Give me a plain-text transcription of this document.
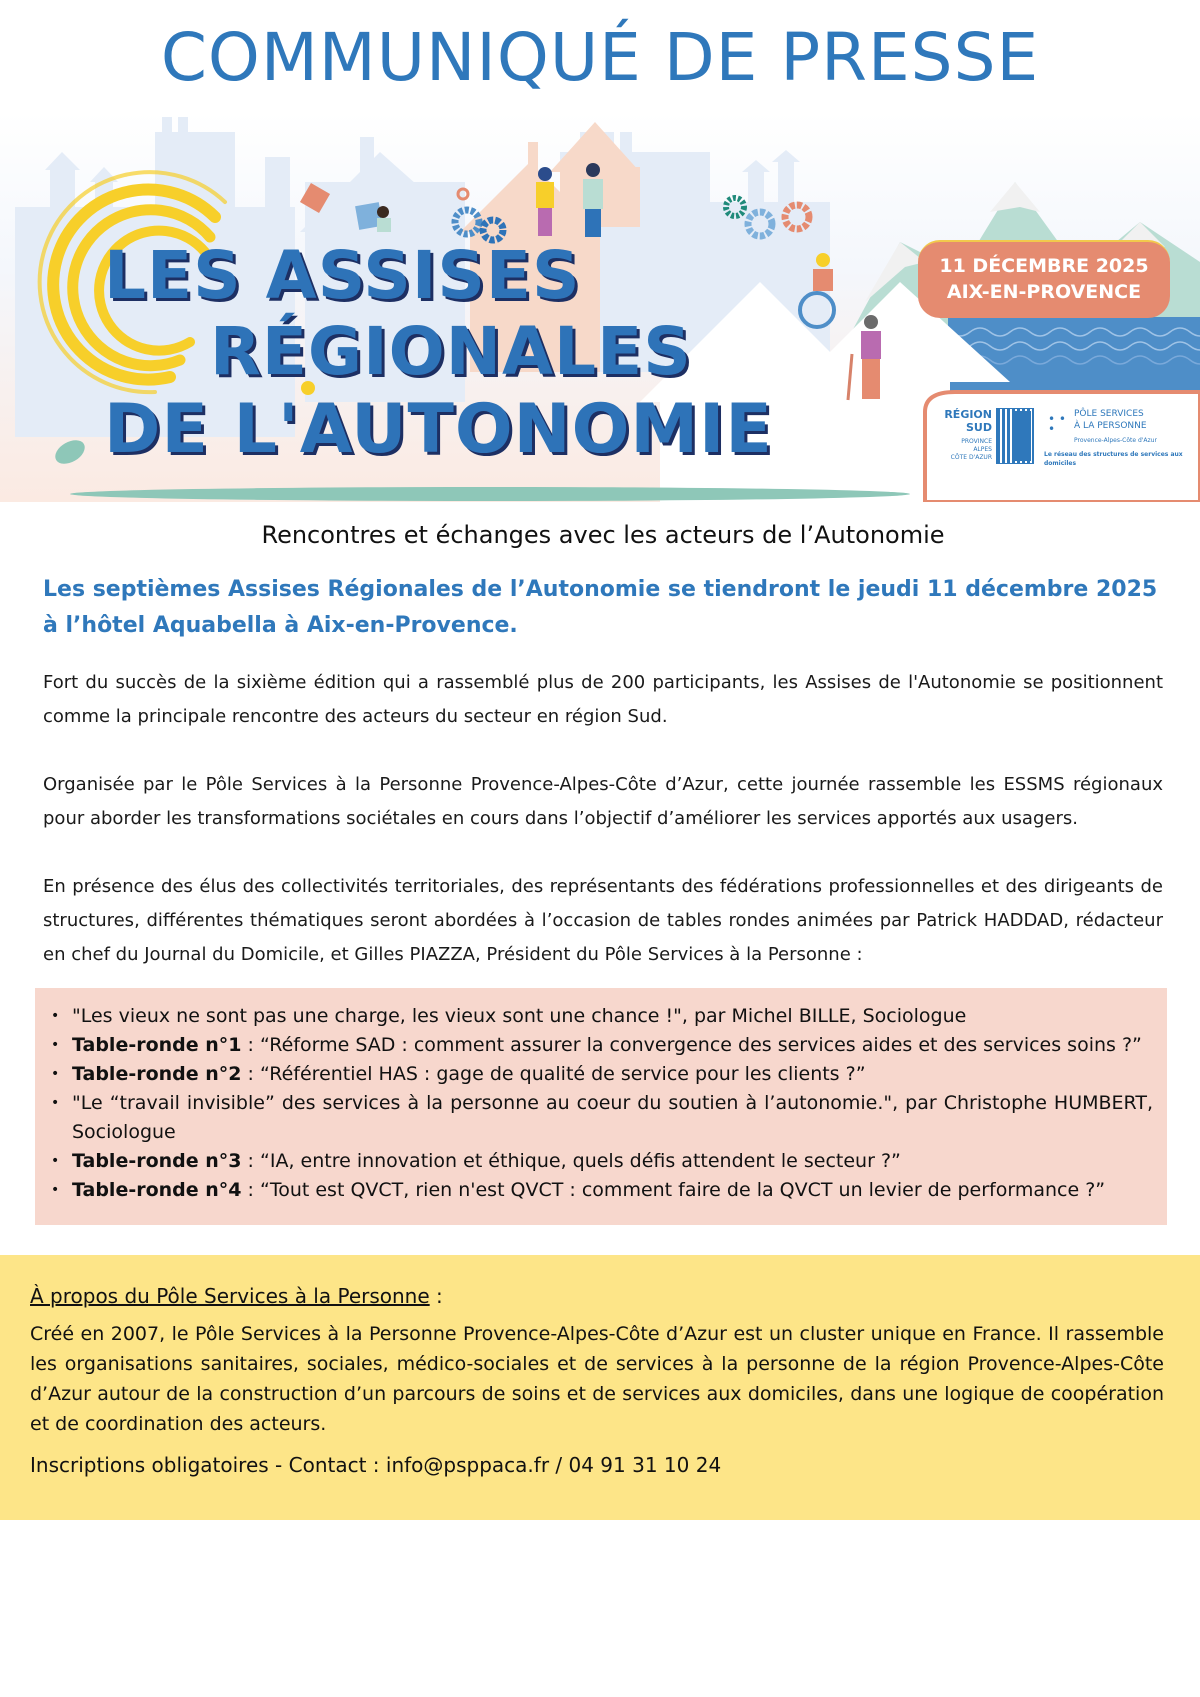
COMMUNIQUÉ DE PRESSE
LES ASSISES
RÉGIONALES
DE L'AUTONOMIE
11 DÉCEMBRE 2025
AIX-EN-PROVENCE
RÉGION
SUD
PROVINCE
ALPES
CÔTE D'AZUR
• •
•
PÔLE SERVICES
À LA PERSONNE
Provence-Alpes-Côte d'Azur
Le réseau des structures de services aux domiciles
Rencontres et échanges avec les acteurs de l’Autonomie
Les septièmes Assises Régionales de l’Autonomie se tiendront le jeudi 11 décembre 2025 à l’hôtel Aquabella à Aix-en-Provence.

Fort du succès de la sixième édition qui a rassemblé plus de 200 participants, les Assises de l'Autonomie se positionnent comme la principale rencontre des acteurs du secteur en région Sud.

Organisée par le Pôle Services à la Personne Provence-Alpes-Côte d’Azur, cette journée rassemble les ESSMS régionaux pour aborder les transformations sociétales en cours dans l’objectif d’améliorer les services apportés aux usagers.

En présence des élus des collectivités territoriales, des représentants des fédérations professionnelles et des dirigeants de structures, différentes thématiques seront abordées à l’occasion de tables rondes animées par Patrick HADDAD, rédacteur en chef du Journal du Domicile, et Gilles PIAZZA, Président du Pôle Services à la Personne :

• "Les vieux ne sont pas une charge, les vieux sont une chance !", par Michel BILLE, Sociologue
• Table-ronde n°1 : “Réforme SAD : comment assurer la convergence des services aides et des services soins ?”
• Table-ronde n°2 : “Référentiel HAS : gage de qualité de service pour les clients ?”
• "Le “travail invisible” des services à la personne au coeur du soutien à l’autonomie.", par Christophe HUMBERT, Sociologue
• Table-ronde n°3 : “IA, entre innovation et éthique, quels défis attendent le secteur ?”
• Table-ronde n°4 : “Tout est QVCT, rien n'est QVCT : comment faire de la QVCT un levier de performance ?”
À propos du Pôle Services à la Personne :

Créé en 2007, le Pôle Services à la Personne Provence-Alpes-Côte d’Azur est un cluster unique en France. Il rassemble les organisations sanitaires, sociales, médico-sociales et de services à la personne de la région Provence-Alpes-Côte d’Azur autour de la construction d’un parcours de soins et de services aux domiciles, dans une logique de coopération et de coordination des acteurs.

Inscriptions obligatoires - Contact : info@psppaca.fr / 04 91 31 10 24
